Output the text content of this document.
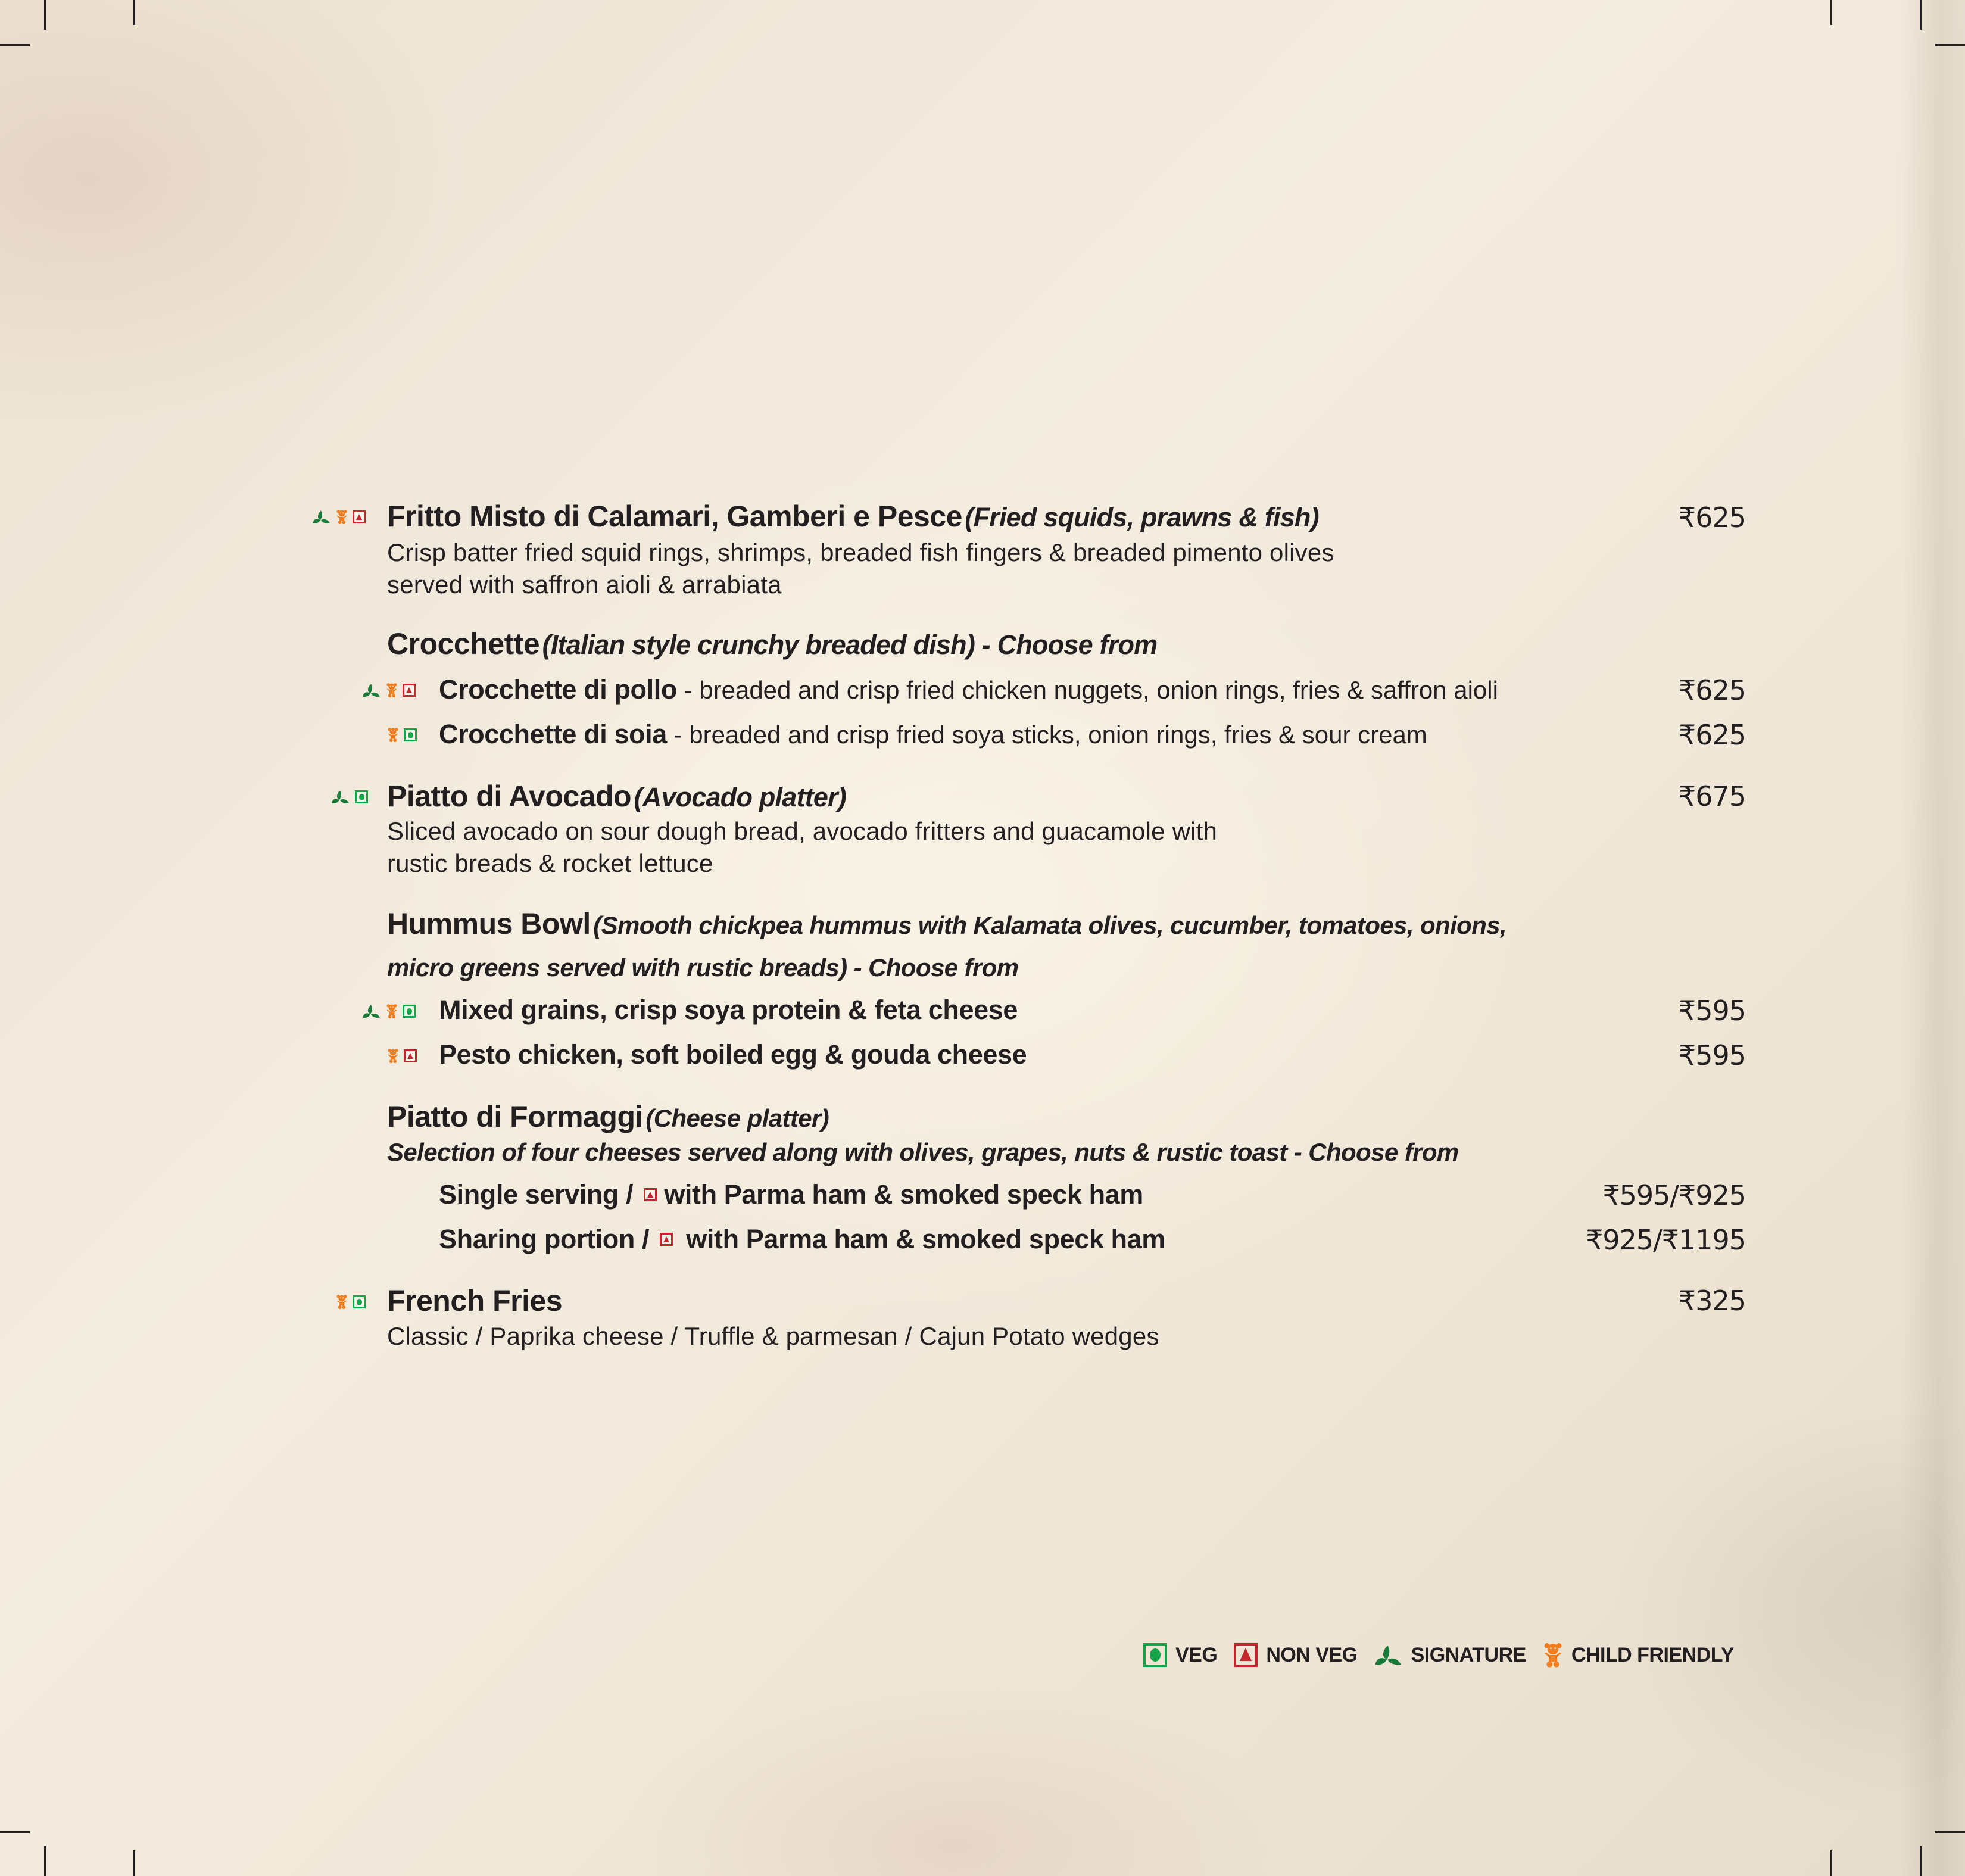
Fritto Misto di Calamari, Gamberi e Pesce (Fried squids, prawns & fish)	₹625
Crisp batter fried squid rings, shrimps, breaded fish fingers & breaded pimento olives
served with saffron aioli & arrabiata
Crocchette (Italian style crunchy breaded dish) - Choose from
Crocchette di pollo - breaded and crisp fried chicken nuggets, onion rings, fries & saffron aioli	₹625
Crocchette di soia - breaded and crisp fried soya sticks, onion rings, fries & sour cream	₹625
Piatto di Avocado (Avocado platter)	₹675
Sliced avocado on sour dough bread, avocado fritters and guacamole with
rustic breads & rocket lettuce
Hummus Bowl (Smooth chickpea hummus with Kalamata olives, cucumber, tomatoes, onions,
micro greens served with rustic breads) - Choose from
Mixed grains, crisp soya protein & feta cheese	₹595
Pesto chicken, soft boiled egg & gouda cheese	₹595
Piatto di Formaggi (Cheese platter)
Selection of four cheeses served along with olives, grapes, nuts & rustic toast - Choose from
Single serving / with Parma ham & smoked speck ham	₹595/₹925
Sharing portion / with Parma ham & smoked speck ham	₹925/₹1195
French Fries	₹325
Classic / Paprika cheese / Truffle & parmesan / Cajun Potato wedges
VEG NON VEG	SIGNATURE CHILD FRIENDLY
